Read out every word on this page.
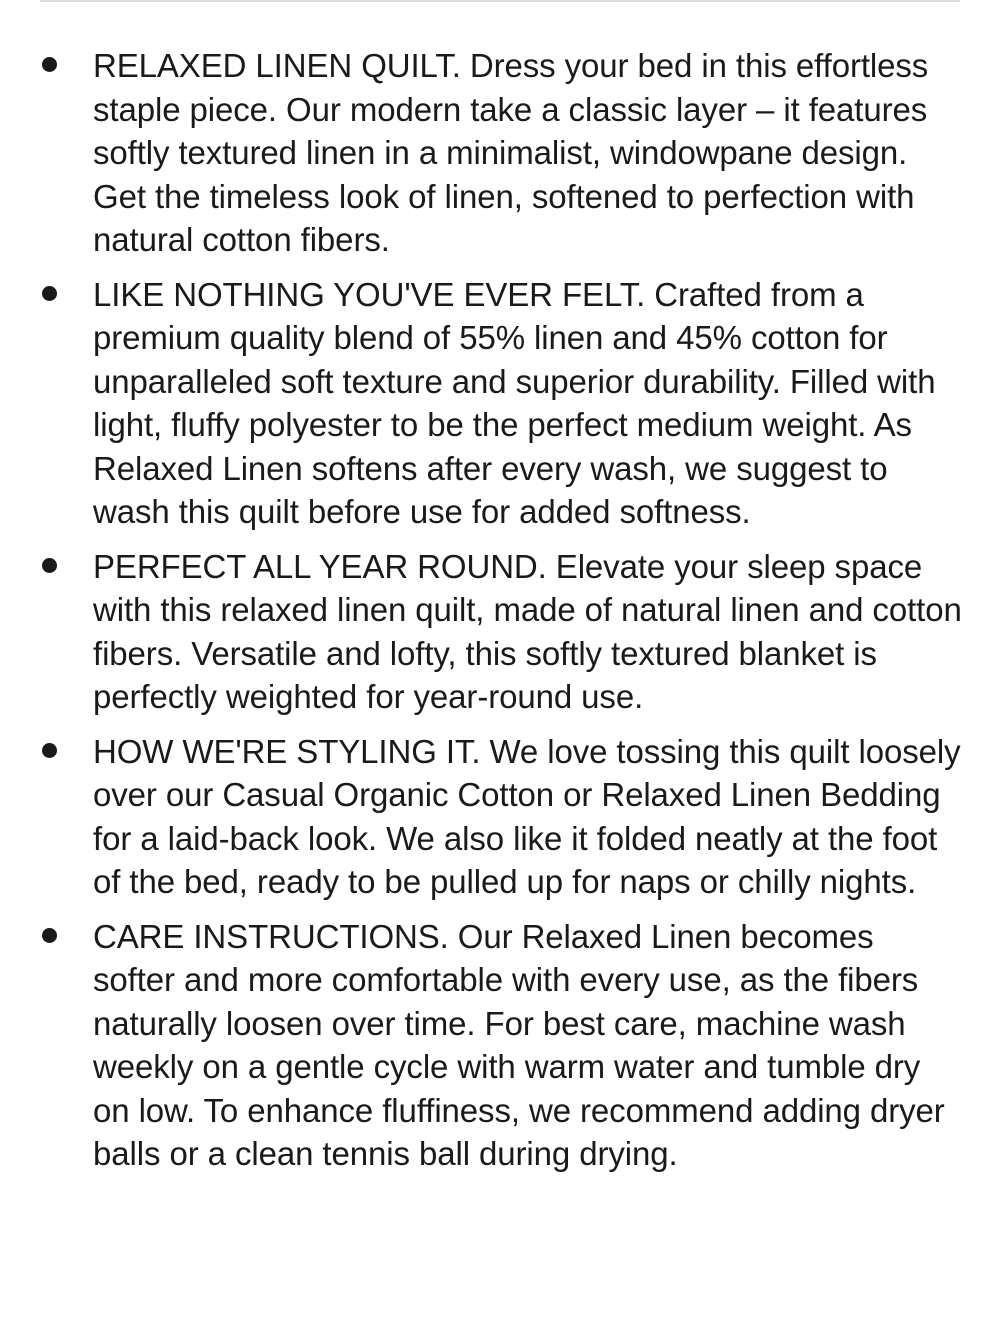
RELAXED LINEN QUILT. Dress your bed in this effortless staple piece. Our modern take a classic layer – it features softly textured linen in a minimalist, windowpane design. Get the timeless look of linen, softened to perfection with natural cotton fibers.
LIKE NOTHING YOU'VE EVER FELT. Crafted from a premium quality blend of 55% linen and 45% cotton for unparalleled soft texture and superior durability. Filled with light, fluffy polyester to be the perfect medium weight. As Relaxed Linen softens after every wash, we suggest to wash this quilt before use for added softness.
PERFECT ALL YEAR ROUND. Elevate your sleep space with this relaxed linen quilt, made of natural linen and cotton fibers. Versatile and lofty, this softly textured blanket is perfectly weighted for year-round use.
HOW WE'RE STYLING IT. We love tossing this quilt loosely over our Casual Organic Cotton or Relaxed Linen Bedding for a laid-back look. We also like it folded neatly at the foot of the bed, ready to be pulled up for naps or chilly nights.
CARE INSTRUCTIONS. Our Relaxed Linen becomes softer and more comfortable with every use, as the fibers naturally loosen over time. For best care, machine wash weekly on a gentle cycle with warm water and tumble dry on low. To enhance fluffiness, we recommend adding dryer balls or a clean tennis ball during drying.
